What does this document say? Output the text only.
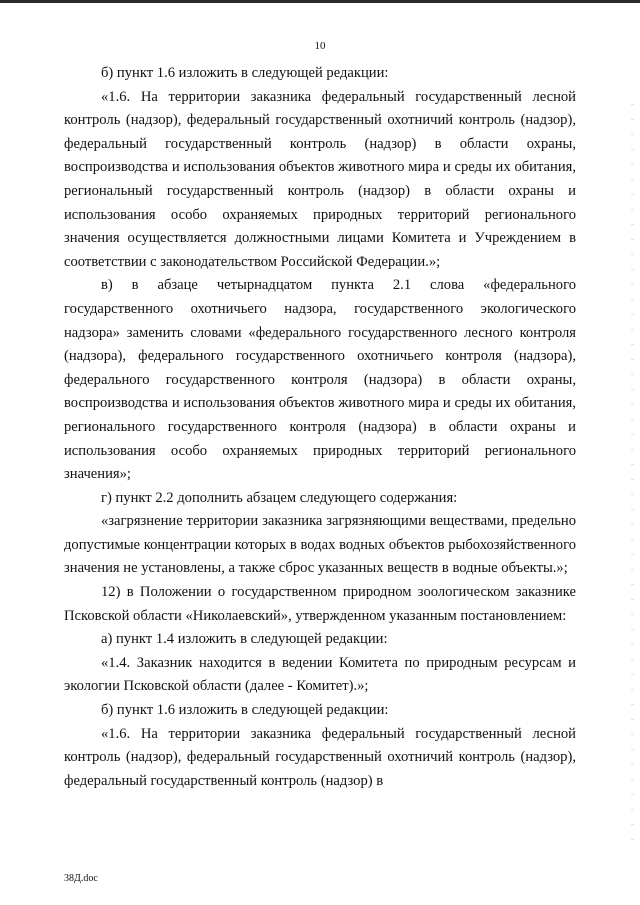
10

б) пункт 1.6 изложить в следующей редакции:

«1.6. На территории заказника федеральный государственный лесной контроль (надзор), федеральный государственный охотничий контроль (надзор), федеральный государственный контроль (надзор) в области охраны, воспроизводства и использования объектов животного мира и среды их обитания, региональный государственный контроль (надзор) в области охраны и использования особо охраняемых природных территорий регионального значения осуществляется должностными лицами Комитета и Учреждением в соответствии с законодательством Российской Федерации.»;

в) в абзаце четырнадцатом пункта 2.1 слова «федерального государственного охотничьего надзора, государственного экологического надзора» заменить словами «федерального государственного лесного контроля (надзора), федерального государственного охотничьего контроля (надзора), федерального государственного контроля (надзора) в области охраны, воспроизводства и использования объектов животного мира и среды их обитания, регионального государственного контроля (надзора) в области охраны и использования особо охраняемых природных территорий регионального значения»;

г) пункт 2.2 дополнить абзацем следующего содержания:

«загрязнение территории заказника загрязняющими веществами, предельно допустимые концентрации которых в водах водных объектов рыбохозяйственного значения не установлены, а также сброс указанных веществ в водные объекты.»;

12) в Положении о государственном природном зоологическом заказнике Псковской области «Николаевский», утвержденном указанным постановлением:

а) пункт 1.4 изложить в следующей редакции:

«1.4. Заказник находится в ведении Комитета по природным ресурсам и экологии Псковской области (далее - Комитет).»;

б) пункт 1.6 изложить в следующей редакции:

«1.6. На территории заказника федеральный государственный лесной контроль (надзор), федеральный государственный охотничий контроль (надзор), федеральный государственный контроль (надзор) в

38Д.doc
